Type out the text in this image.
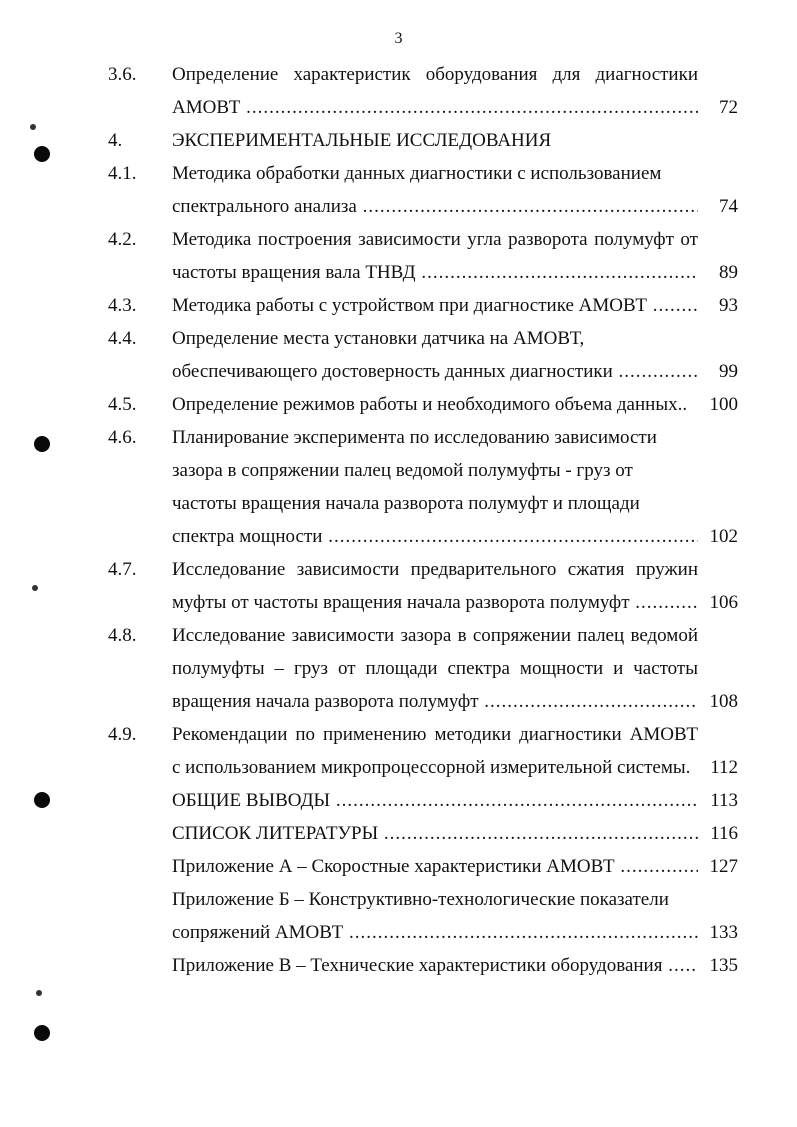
3
3.6. Определение характеристик оборудования для диагностики
АМОВТ .....	72
4.	ЭКСПЕРИМЕНТАЛЬНЫЕ ИССЛЕДОВАНИЯ
4.1. Методика обработки данных диагностики с использованием
спектрального анализа .....	74
4.2. Методика построения зависимости угла разворота полумуфт от
частоты вращения вала ТНВД .....	89
4.3. Методика работы с устройством при диагностике АМОВТ .....	93
4.4. Определение места установки датчика на АМОВТ,
обеспечивающего достоверность данных диагностики .....	99
4.5. Определение режимов работы и необходимого объема данных..	100
4.6. Планирование эксперимента по исследованию зависимости
зазора в сопряжении палец ведомой полумуфты - груз от
частоты вращения начала разворота полумуфт и площади
спектра мощности .....	102
4.7. Исследование зависимости предварительного сжатия пружин
муфты от частоты вращения начала разворота полумуфт .....	106
4.8. Исследование зависимости зазора в сопряжении палец ведомой
полумуфты – груз от площади спектра мощности и частоты
вращения начала разворота полумуфт .....	108
4.9. Рекомендации по применению методики диагностики АМОВТ
с использованием микропроцессорной измерительной системы.	112
ОБЩИЕ ВЫВОДЫ .....	113
СПИСОК ЛИТЕРАТУРЫ .....	116
Приложение А – Скоростные характеристики АМОВТ .....	127
Приложение Б – Конструктивно-технологические показатели
сопряжений АМОВТ .....	133
Приложение В – Технические характеристики оборудования .....	135
